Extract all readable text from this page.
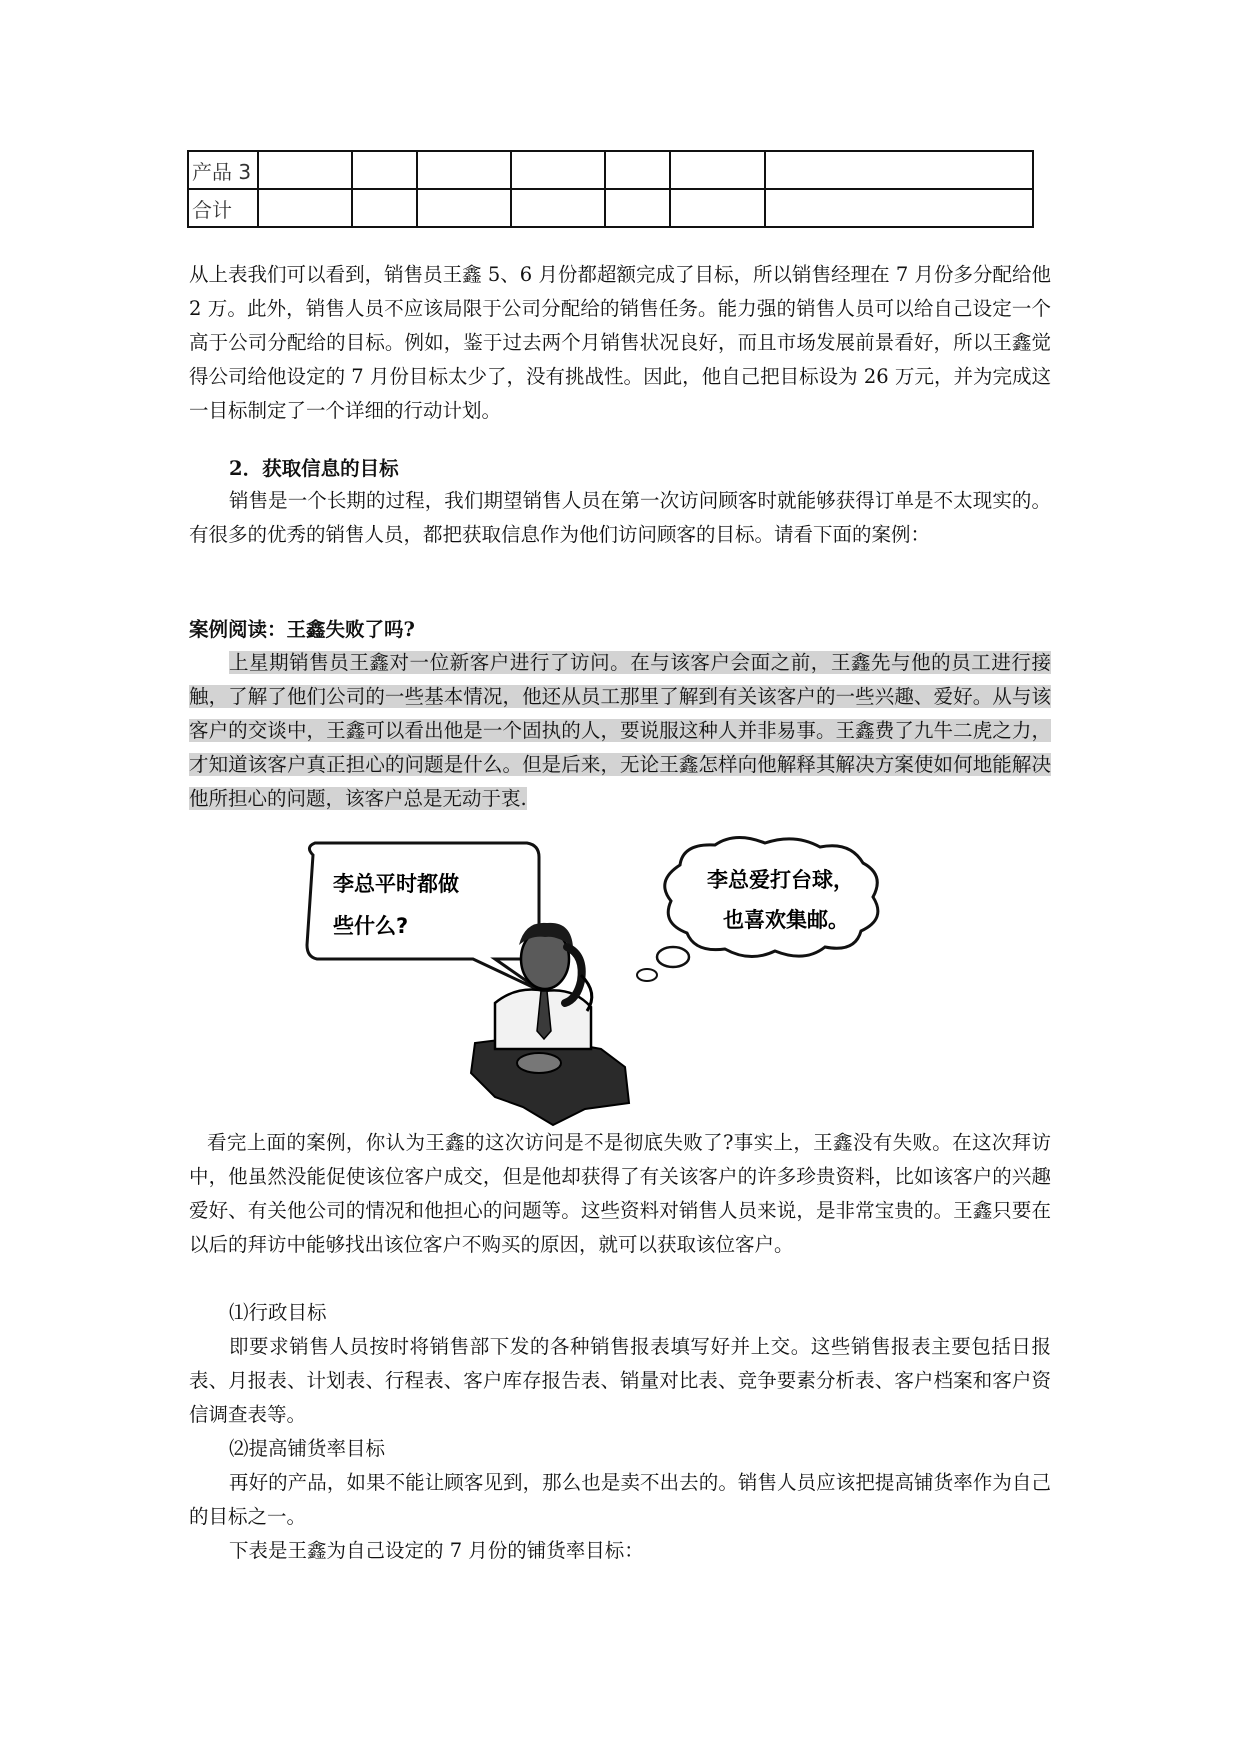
产品 3							
合计							

从上表我们可以看到，销售员王鑫 5、6 月份都超额完成了目标，所以销售经理在 7 月份多分配给他 2 万。此外，销售人员不应该局限于公司分配给的销售任务。能力强的销售人员可以给自己设定一个高于公司分配给的目标。例如，鉴于过去两个月销售状况良好，而且市场发展前景看好，所以王鑫觉得公司给他设定的 7 月份目标太少了，没有挑战性。因此，他自己把目标设为 26 万元，并为完成这一目标制定了一个详细的行动计划。

2．获取信息的目标

销售是一个长期的过程，我们期望销售人员在第一次访问顾客时就能够获得订单是不太现实的。有很多的优秀的销售人员，都把获取信息作为他们访问顾客的目标。请看下面的案例：

案例阅读：王鑫失败了吗?

上星期销售员王鑫对一位新客户进行了访问。在与该客户会面之前，王鑫先与他的员工进行接触，了解了他们公司的一些基本情况，他还从员工那里了解到有关该客户的一些兴趣、爱好。从与该客户的交谈中，王鑫可以看出他是一个固执的人，要说服这种人并非易事。王鑫费了九牛二虎之力，才知道该客户真正担心的问题是什么。但是后来，无论王鑫怎样向他解释其解决方案使如何地能解决他所担心的问题，该客户总是无动于衷.

李总平时都做
些什么?
李总爱打台球，
也喜欢集邮。

看完上面的案例，你认为王鑫的这次访问是不是彻底失败了?事实上，王鑫没有失败。在这次拜访中，他虽然没能促使该位客户成交，但是他却获得了有关该客户的许多珍贵资料，比如该客户的兴趣爱好、有关他公司的情况和他担心的问题等。这些资料对销售人员来说，是非常宝贵的。王鑫只要在以后的拜访中能够找出该位客户不购买的原因，就可以获取该位客户。

⑴行政目标

即要求销售人员按时将销售部下发的各种销售报表填写好并上交。这些销售报表主要包括日报表、月报表、计划表、行程表、客户库存报告表、销量对比表、竞争要素分析表、客户档案和客户资信调查表等。

⑵提高铺货率目标

再好的产品，如果不能让顾客见到，那么也是卖不出去的。销售人员应该把提高铺货率作为自己的目标之一。

下表是王鑫为自己设定的 7 月份的铺货率目标：
